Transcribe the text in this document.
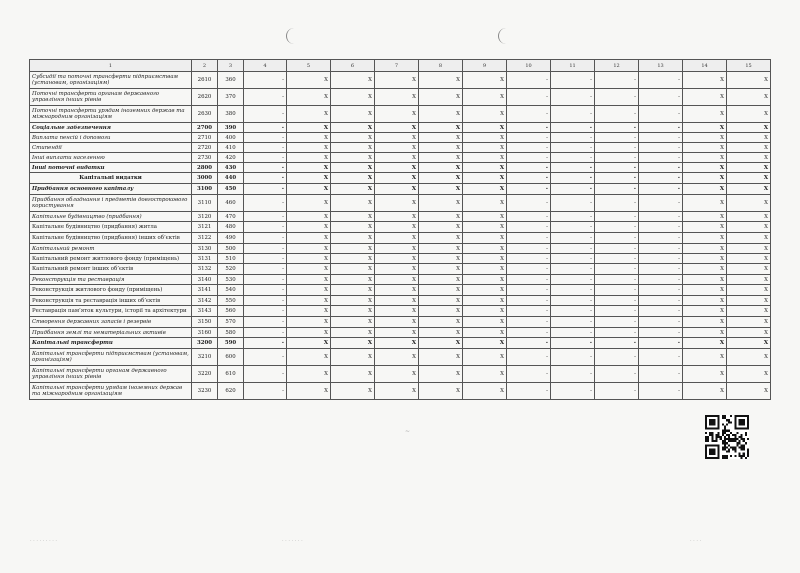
1	2	3	4	5	6	7	8	9	10	11	12	13	14	15
Субсидії та поточні трансферти підприємствам (установам, організаціям)	2610	360	-	X	X	X	X	X	-	-	-	-	X	X
Поточні трансферти органам державного управління інших рівнів	2620	370	-	X	X	X	X	X	-	-	-	-	X	X
Поточні трансферти урядам іноземних держав та міжнародним організаціям	2630	380	-	X	X	X	X	X	-	-	-	-	X	X
Соціальне забезпечення	2700	390	-	X	X	X	X	X	-	-	-	-	X	X
Виплата пенсій і допомоги	2710	400	-	X	X	X	X	X	-	-	-	-	X	X
Стипендії	2720	410	-	X	X	X	X	X	-	-	-	-	X	X
Інші виплати населенню	2730	420	-	X	X	X	X	X	-	-	-	-	X	X
Інші поточні видатки	2800	430	-	X	X	X	X	X	-	-	-	-	X	X
Капітальні видатки	3000	440	-	X	X	X	X	X	-	-	-	-	X	X
Придбання основного капіталу	3100	450	-	X	X	X	X	X	-	-	-	-	X	X
Придбання обладнання і предметів довгострокового користування	3110	460	-	X	X	X	X	X	-	-	-	-	X	X
Капітальне будівництво (придбання)	3120	470	-	X	X	X	X	X	-	-	-	-	X	X
Капітальне будівництво (придбання) житла	3121	480	-	X	X	X	X	X	-	-	-	-	X	X
Капітальне будівництво (придбання) інших об’єктів	3122	490	-	X	X	X	X	X	-	-	-	-	X	X
Капітальний ремонт	3130	500	-	X	X	X	X	X	-	-	-	-	X	X
Капітальний ремонт житлового фонду (приміщень)	3131	510	-	X	X	X	X	X	-	-	-	-	X	X
Капітальний ремонт інших об’єктів	3132	520	-	X	X	X	X	X	-	-	-	-	X	X
Реконструкція та реставрація	3140	530	-	X	X	X	X	X	-	-	-	-	X	X
Реконструкція житлового фонду (приміщень)	3141	540	-	X	X	X	X	X	-	-	-	-	X	X
Реконструкція та реставрація інших об’єктів	3142	550	-	X	X	X	X	X	-	-	-	-	X	X
Реставрація пам’яток культури, історії та архітектури	3143	560	-	X	X	X	X	X	-	-	-	-	X	X
Створення державних запасів і резервів	3150	570	-	X	X	X	X	X	-	-	-	-	X	X
Придбання землі та нематеріальних активів	3160	580	-	X	X	X	X	X	-	-	-	-	X	X
Капітальні трансферти	3200	590	-	X	X	X	X	X	-	-	-	-	X	X
Капітальні трансферти підприємствам (установам, організаціям)	3210	600	-	X	X	X	X	X	-	-	-	-	X	X
Капітальні трансферти органам державного управління інших рівнів	3220	610	-	X	X	X	X	X	-	-	-	-	X	X
Капітальні трансферти урядам іноземних держав та міжнародним організаціям	3230	620	-	X	X	X	X	X	-	-	-	-	X	X
~
. . . . . . . . .	. . . . . . .	. . . .
